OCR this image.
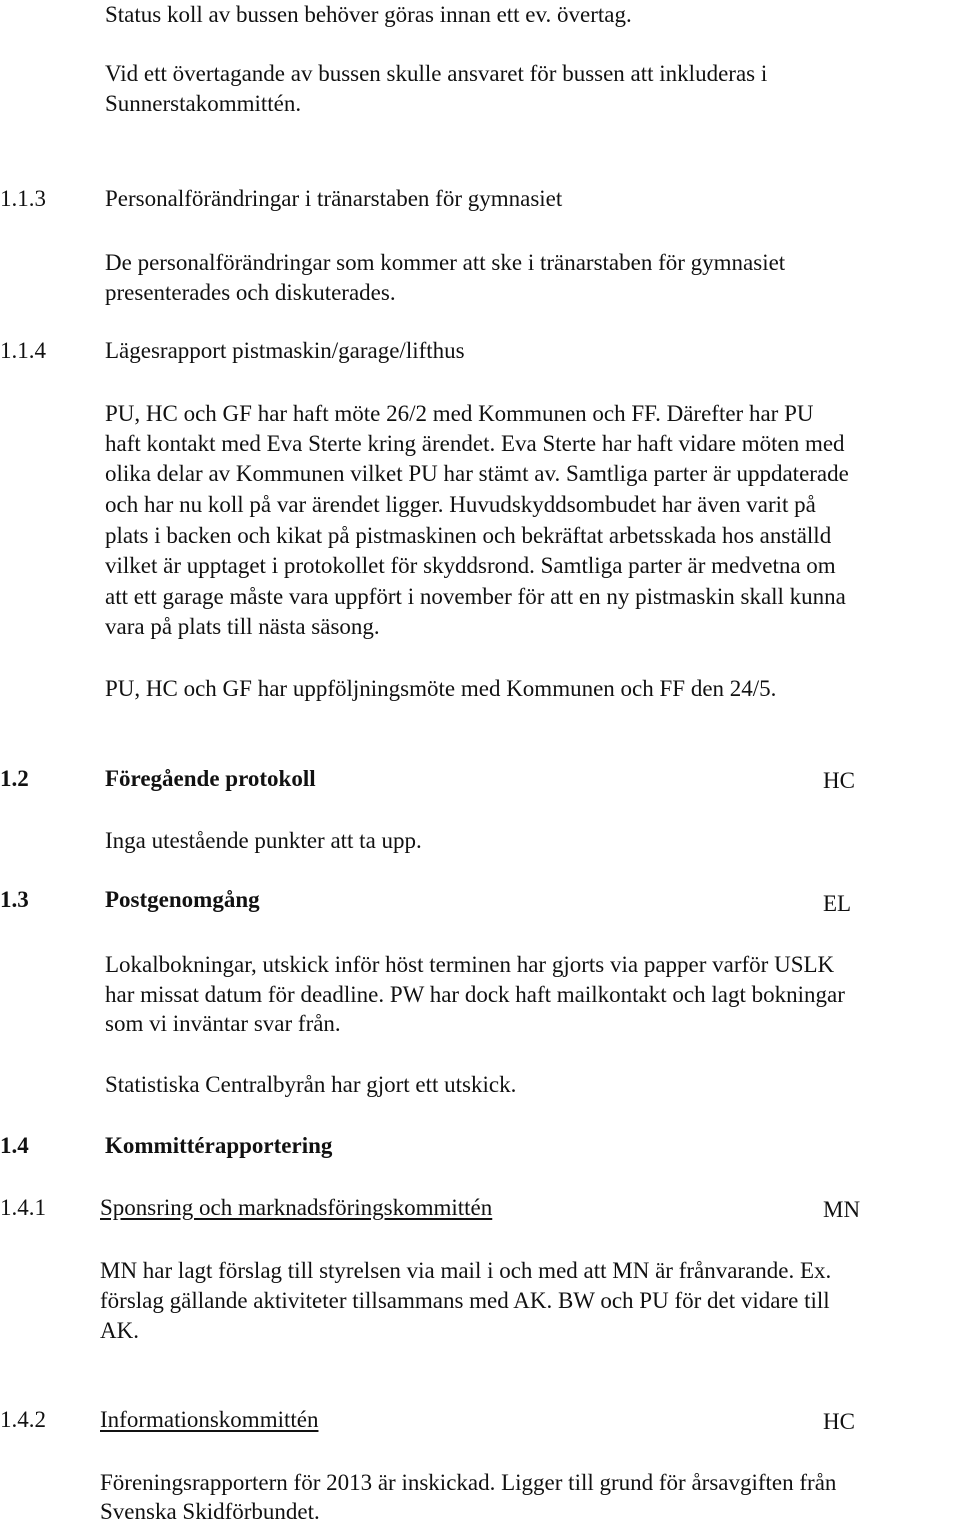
Status koll av bussen behöver göras innan ett ev. övertag.
Vid ett övertagande av bussen skulle ansvaret för bussen att inkluderas i
Sunnerstakommittén.
1.1.3	Personalförändringar i tränarstaben för gymnasiet
De personalförändringar som kommer att ske i tränarstaben för gymnasiet
presenterades och diskuterades.
1.1.4	Lägesrapport pistmaskin/garage/lifthus
PU, HC och GF har haft möte 26/2 med Kommunen och FF. Därefter har PU
haft kontakt med Eva Sterte kring ärendet. Eva Sterte har haft vidare möten med
olika delar av Kommunen vilket PU har stämt av. Samtliga parter är uppdaterade
och har nu koll på var ärendet ligger. Huvudskyddsombudet har även varit på
plats i backen och kikat på pistmaskinen och bekräftat arbetsskada hos anställd
vilket är upptaget i protokollet för skyddsrond. Samtliga parter är medvetna om
att ett garage måste vara uppfört i november för att en ny pistmaskin skall kunna
vara på plats till nästa säsong.
PU, HC och GF har uppföljningsmöte med Kommunen och FF den 24/5.
1.2	Föregående protokoll	HC
Inga utestående punkter att ta upp.
1.3	Postgenomgång	EL
Lokalbokningar, utskick inför höst terminen har gjorts via papper varför USLK
har missat datum för deadline. PW har dock haft mailkontakt och lagt bokningar
som vi inväntar svar från.
Statistiska Centralbyrån har gjort ett utskick.
1.4	Kommittérapportering
1.4.1 Sponsring och marknadsföringskommittén	MN
MN har lagt förslag till styrelsen via mail i och med att MN är frånvarande. Ex.
förslag gällande aktiviteter tillsammans med AK. BW och PU för det vidare till
AK.
1.4.2 Informationskommittén	HC
Föreningsrapportern för 2013 är inskickad. Ligger till grund för årsavgiften från
Svenska Skidförbundet.
